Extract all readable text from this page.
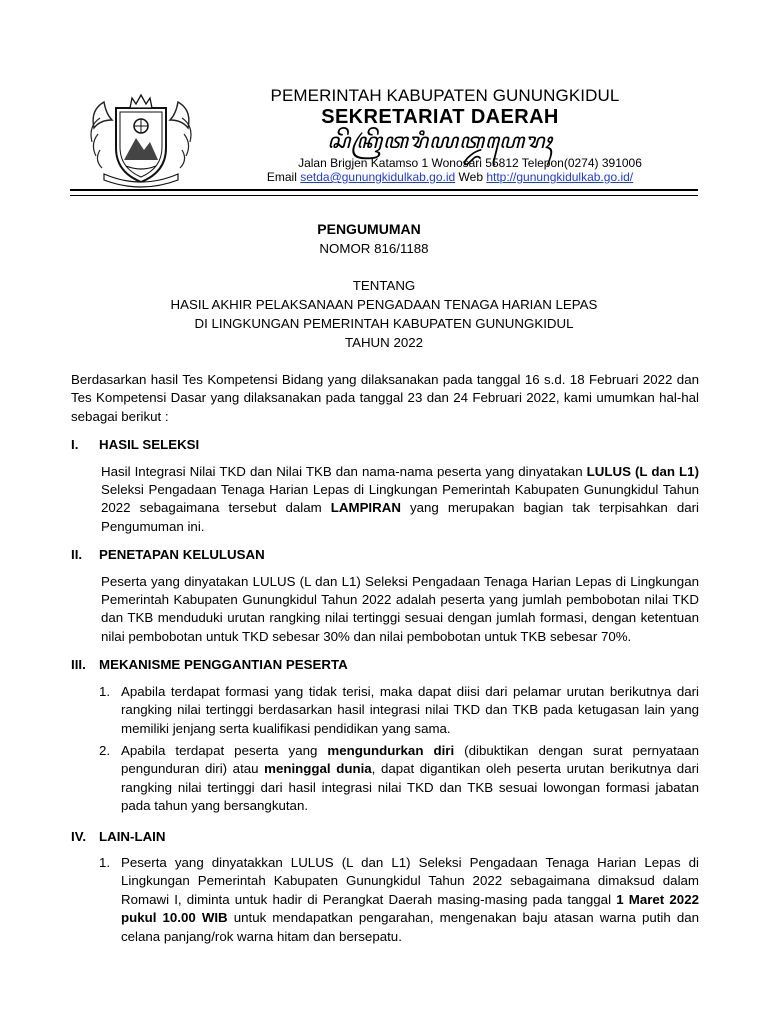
PEMERINTAH KABUPATEN GUNUNGKIDUL
SEKRETARIAT DAERAH
ꦱꦼꦏꦿꦼꦠꦫꦶꦪꦠ꧀ꦢꦲꦺꦫꦃ
Jalan Brigjen Katamso 1 Wonosari 55812 Telepon(0274) 391006
Email setda@gunungkidulkab.go.id Web http://gunungkidulkab.go.id/
PENGUMUMAN
NOMOR 816/1188
TENTANG
HASIL AKHIR PELAKSANAAN PENGADAAN TENAGA HARIAN LEPAS
DI LINGKUNGAN PEMERINTAH KABUPATEN GUNUNGKIDUL
TAHUN 2022

Berdasarkan hasil Tes Kompetensi Bidang yang dilaksanakan pada tanggal 16 s.d. 18 Februari 2022 dan Tes Kompetensi Dasar yang dilaksanakan pada tanggal 23 dan 24 Februari 2022, kami umumkan hal-hal sebagai berikut :

I.	HASIL SELEKSI

Hasil Integrasi Nilai TKD dan Nilai TKB dan nama-nama peserta yang dinyatakan LULUS (L dan L1) Seleksi Pengadaan Tenaga Harian Lepas di Lingkungan Pemerintah Kabupaten Gunungkidul Tahun 2022 sebagaimana tersebut dalam LAMPIRAN yang merupakan bagian tak terpisahkan dari Pengumuman ini.

II.	PENETAPAN KELULUSAN

Peserta yang dinyatakan LULUS (L dan L1) Seleksi Pengadaan Tenaga Harian Lepas di Lingkungan Pemerintah Kabupaten Gunungkidul Tahun 2022 adalah peserta yang jumlah pembobotan nilai TKD dan TKB menduduki urutan rangking nilai tertinggi sesuai dengan jumlah formasi, dengan ketentuan nilai pembobotan untuk TKD sebesar 30% dan nilai pembobotan untuk TKB sebesar 70%.

III. MEKANISME PENGGANTIAN PESERTA
1. Apabila terdapat formasi yang tidak terisi, maka dapat diisi dari pelamar urutan berikutnya dari rangking nilai tertinggi berdasarkan hasil integrasi nilai TKD dan TKB pada ketugasan lain yang memiliki jenjang serta kualifikasi pendidikan yang sama.
2. Apabila terdapat peserta yang mengundurkan diri (dibuktikan dengan surat pernyataan pengunduran diri) atau meninggal dunia, dapat digantikan oleh peserta urutan berikutnya dari rangking nilai tertinggi dari hasil integrasi nilai TKD dan TKB sesuai lowongan formasi jabatan pada tahun yang bersangkutan.
IV. LAIN-LAIN
1. Peserta yang dinyatakkan LULUS (L dan L1) Seleksi Pengadaan Tenaga Harian Lepas di Lingkungan Pemerintah Kabupaten Gunungkidul Tahun 2022 sebagaimana dimaksud dalam Romawi I, diminta untuk hadir di Perangkat Daerah masing-masing pada tanggal 1 Maret 2022 pukul 10.00 WIB untuk mendapatkan pengarahan, mengenakan baju atasan warna putih dan celana panjang/rok warna hitam dan bersepatu.
